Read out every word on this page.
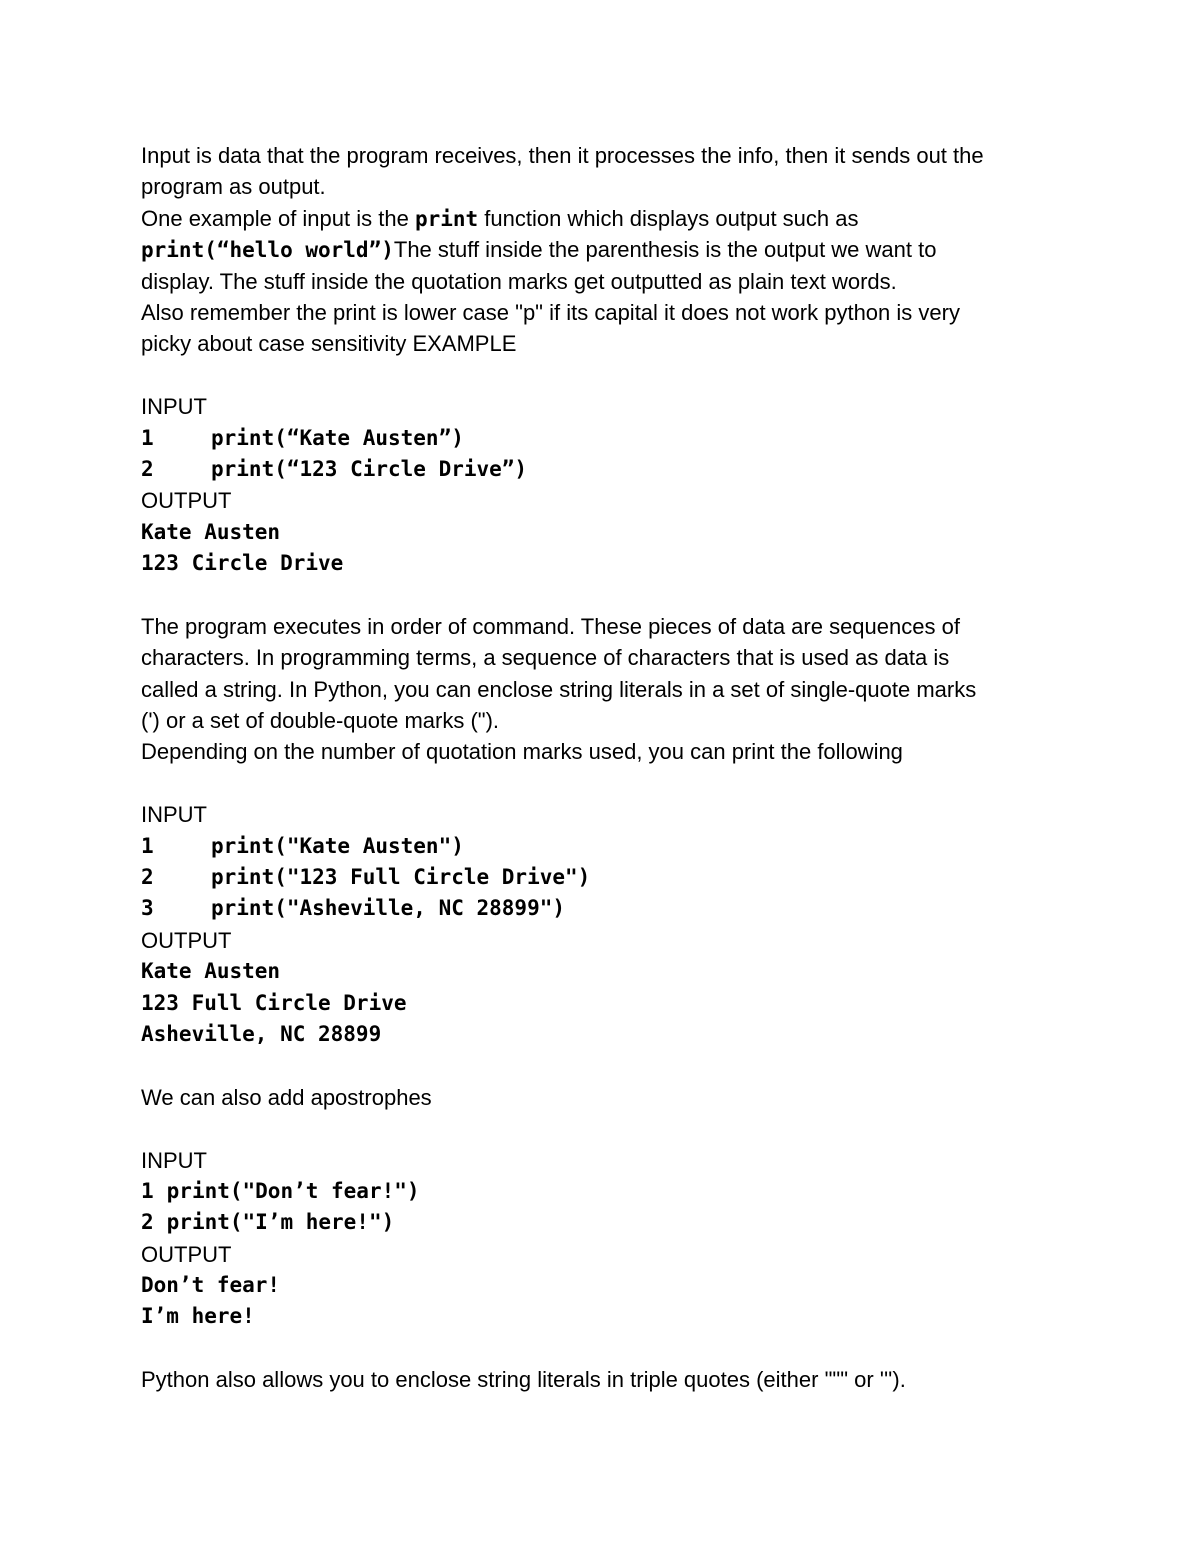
Input is data that the program receives, then it processes the info, then it sends out the

program as output.

One example of input is the print function which displays output such as

print(“hello world”)The stuff inside the parenthesis is the output we want to

display. The stuff inside the quotation marks get outputted as plain text words.

Also remember the print is lower case "p" if its capital it does not work python is very

picky about case sensitivity EXAMPLE

INPUT

1	print(“Kate Austen”)

2	print(“123 Circle Drive”)

OUTPUT

Kate Austen

123 Circle Drive

The program executes in order of command. These pieces of data are sequences of

characters. In programming terms, a sequence of characters that is used as data is

called a string. In Python, you can enclose string literals in a set of single-quote marks

(') or a set of double-quote marks (").

Depending on the number of quotation marks used, you can print the following

INPUT

1	print("Kate Austen")

2	print("123 Full Circle Drive")

3	print("Asheville, NC 28899")

OUTPUT

Kate Austen

123 Full Circle Drive

Asheville, NC 28899

We can also add apostrophes

INPUT

1 print("Don’t fear!")

2 print("I’m here!")

OUTPUT

Don’t fear!

I’m here!

Python also allows you to enclose string literals in triple quotes (either """ or ''').
